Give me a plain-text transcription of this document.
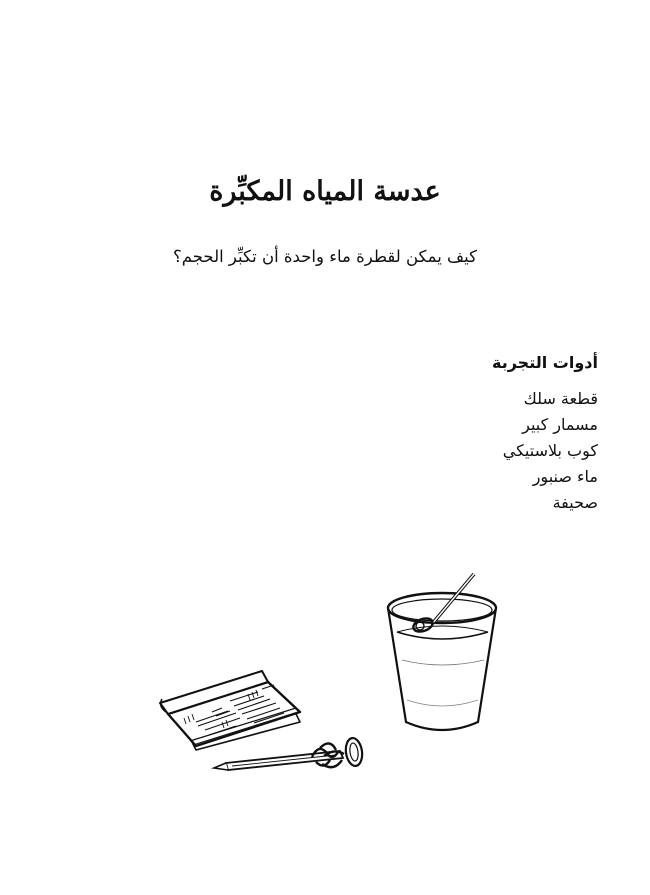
عدسة المياه المكبِّرة
كيف يمكن لقطرة ماء واحدة أن تكبِّر الحجم؟
أدوات التجربة
قطعة سلك
مسمار كبير
كوب بلاستيكي
ماء صنبور
صحيفة
